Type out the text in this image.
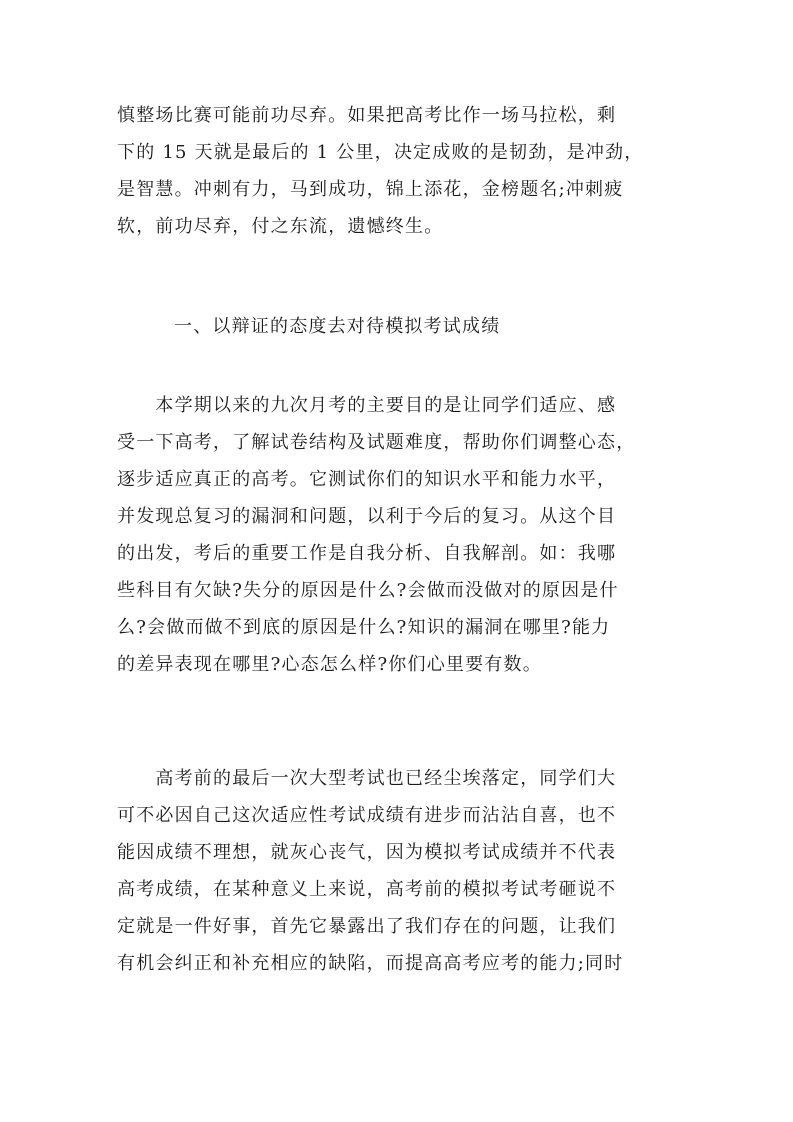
慎整场比赛可能前功尽弃。如果把高考比作一场马拉松，剩
下的 15 天就是最后的 1 公里，决定成败的是韧劲，是冲劲，
是智慧。冲刺有力，马到成功，锦上添花，金榜题名;冲刺疲
软，前功尽弃，付之东流，遗憾终生。

一、以辩证的态度去对待模拟考试成绩

　　本学期以来的九次月考的主要目的是让同学们适应、感
受一下高考，了解试卷结构及试题难度，帮助你们调整心态，
逐步适应真正的高考。它测试你们的知识水平和能力水平，
并发现总复习的漏洞和问题，以利于今后的复习。从这个目
的出发，考后的重要工作是自我分析、自我解剖。如：我哪
些科目有欠缺?失分的原因是什么?会做而没做对的原因是什
么?会做而做不到底的原因是什么?知识的漏洞在哪里?能力
的差异表现在哪里?心态怎么样?你们心里要有数。

　　高考前的最后一次大型考试也已经尘埃落定，同学们大
可不必因自己这次适应性考试成绩有进步而沾沾自喜，也不
能因成绩不理想，就灰心丧气，因为模拟考试成绩并不代表
高考成绩，在某种意义上来说，高考前的模拟考试考砸说不
定就是一件好事，首先它暴露出了我们存在的问题，让我们
有机会纠正和补充相应的缺陷，而提高高考应考的能力;同时
